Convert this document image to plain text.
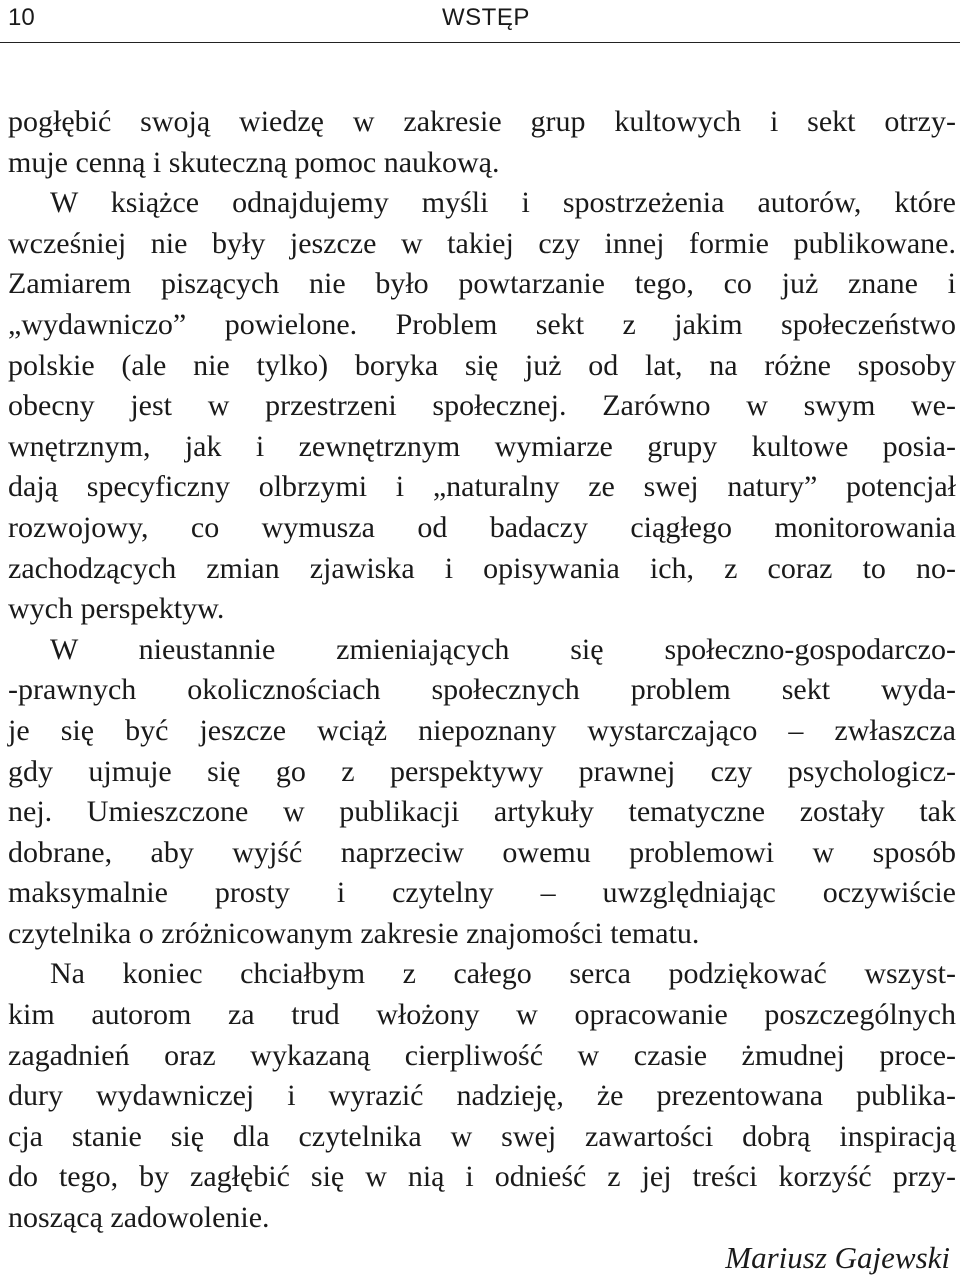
10	WSTĘP
pogłębić swoją wiedzę w zakresie grup kultowych i sekt otrzy-
muje cenną i skuteczną pomoc naukową.
W książce odnajdujemy myśli i spostrzeżenia autorów, które
wcześniej nie były jeszcze w takiej czy innej formie publikowane.
Zamiarem piszących nie było powtarzanie tego, co już znane i
„wydawniczo” powielone. Problem sekt z jakim społeczeństwo
polskie (ale nie tylko) boryka się już od lat, na różne sposoby
obecny jest w przestrzeni społecznej. Zarówno w swym we-
wnętrznym, jak i zewnętrznym wymiarze grupy kultowe posia-
dają specyficzny olbrzymi i „naturalny ze swej natury” potencjał
rozwojowy, co wymusza od badaczy ciągłego monitorowania
zachodzących zmian zjawiska i opisywania ich, z coraz to no-
wych perspektyw.
W nieustannie zmieniających się społeczno-gospodarczo-
-prawnych okolicznościach społecznych problem sekt wyda-
je się być jeszcze wciąż niepoznany wystarczająco – zwłaszcza
gdy ujmuje się go z perspektywy prawnej czy psychologicz-
nej. Umieszczone w publikacji artykuły tematyczne zostały tak
dobrane, aby wyjść naprzeciw owemu problemowi w sposób
maksymalnie prosty i czytelny – uwzględniając oczywiście
czytelnika o zróżnicowanym zakresie znajomości tematu.
Na koniec chciałbym z całego serca podziękować wszyst-
kim autorom za trud włożony w opracowanie poszczególnych
zagadnień oraz wykazaną cierpliwość w czasie żmudnej proce-
dury wydawniczej i wyrazić nadzieję, że prezentowana publika-
cja stanie się dla czytelnika w swej zawartości dobrą inspiracją
do tego, by zagłębić się w nią i odnieść z jej treści korzyść przy-
noszącą zadowolenie.
Mariusz Gajewski
